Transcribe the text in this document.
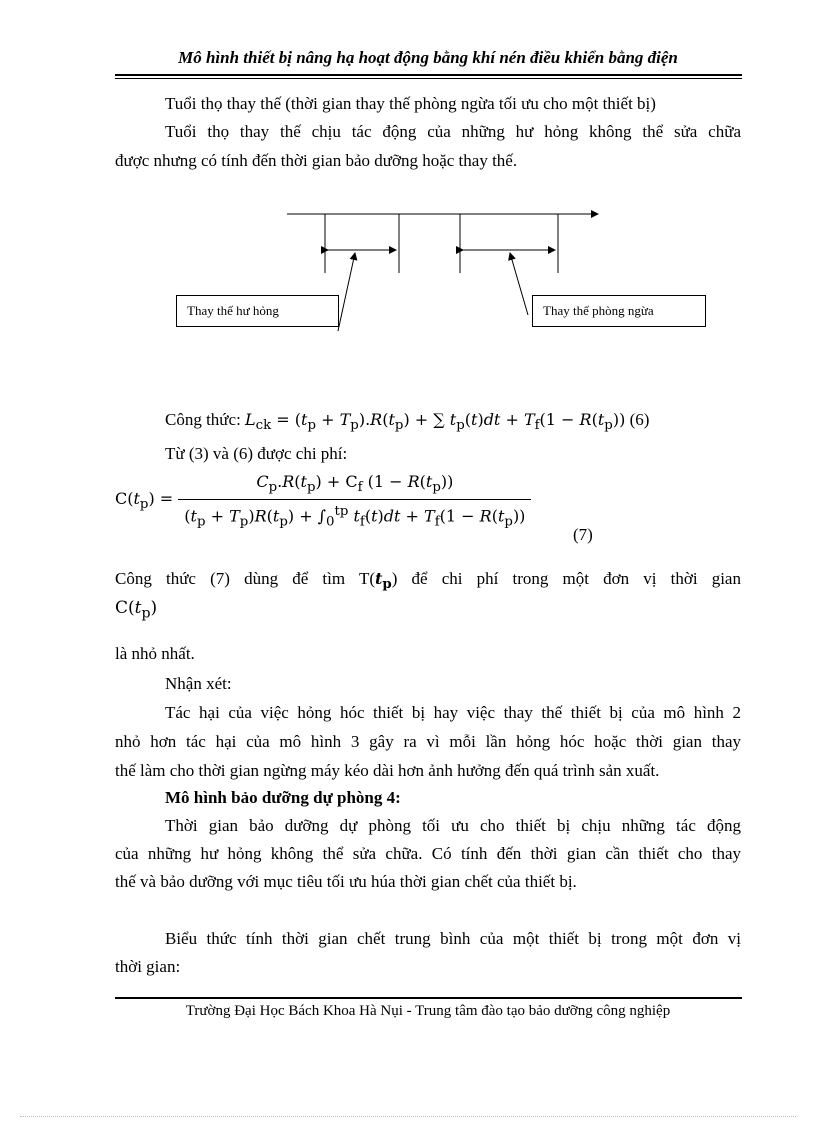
Mô hình thiết bị nâng hạ hoạt động bằng khí nén điều khiển bằng điện
Tuổi thọ thay thế (thời gian thay thế phòng ngừa tối ưu cho một thiết bị)
Tuổi thọ thay thế chịu tác động của những hư hỏng không thể sửa chữa
được nhưng có tính đến thời gian bảo dưỡng hoặc thay thế.
Thay thế hư hỏng	Thay thế phòng ngừa
Công thức: $L_{ck} = (t_p + T_p).R(t_p)$ + ∑ $t_p(t)dt + T_f(1 - R(t_p))$ (6)
Từ (3) và (6) được chi phí:
$C(t_p) = \frac{C_p.R(t_p) + C_f (1 - R(t_p))}{(t_p + T_p)R(t_p) + \int_0^{tp} t_f(t)dt + T_f(1 - R(t_p))}$
(7)
Công thức (7) dùng để tìm $T(t_p)$ để chi phí trong một đơn vị thời gian
$C(t_p)$
là nhỏ nhất.
Nhận xét:
Tác hại của việc hỏng hóc thiết bị hay việc thay thế thiết bị của mô hình 2
nhỏ hơn tác hại của mô hình 3 gây ra vì mỗi lần hỏng hóc hoặc thời gian thay
thế làm cho thời gian ngừng máy kéo dài hơn ảnh hưởng đến quá trình sản xuất.
Mô hình bảo dưỡng dự phòng 4:
Thời gian bảo dưỡng dự phòng tối ưu cho thiết bị chịu những tác động
của những hư hỏng không thể sửa chữa. Có tính đến thời gian cần thiết cho thay
thế và bảo dưỡng với mục tiêu tối ưu húa thời gian chết của thiết bị.
Biểu thức tính thời gian chết trung bình của một thiết bị trong một đơn vị
thời gian:
Trường Đại Học Bách Khoa Hà Nụi - Trung tâm đào tạo bảo dưỡng công nghiệp
